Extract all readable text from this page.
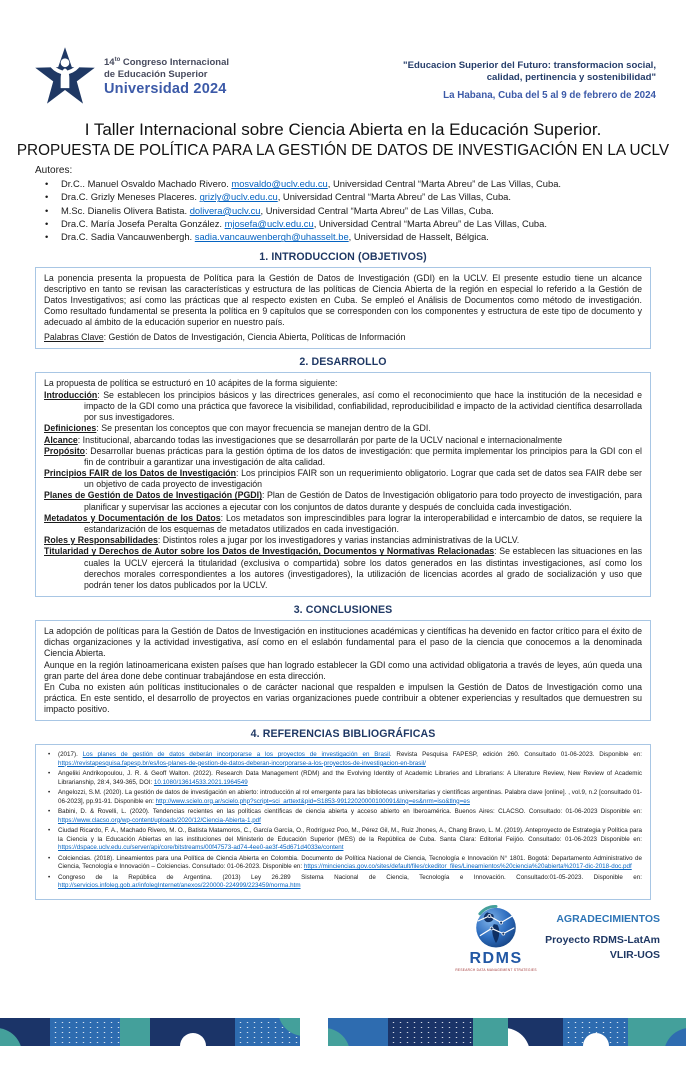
$14^{to}$ Congreso Internacional
de Educación Superior
Universidad 2024
"Educacion Superior del Futuro: transformacion social,
calidad, pertinencia y sostenibilidad"
La Habana, Cuba del 5 al 9 de febrero de 2024
I Taller Internacional sobre Ciencia Abierta en la Educación Superior.
PROPUESTA DE POLÍTICA PARA LA GESTIÓN DE DATOS DE INVESTIGACIÓN EN LA UCLV
Autores:
• Dr.C.. Manuel Osvaldo Machado Rivero. mosvaldo@uclv.edu.cu, Universidad Central “Marta Abreu” de Las Villas, Cuba.
• Dra.C. Grizly Meneses Placeres. grizly@uclv.edu.cu, Universidad Central “Marta Abreu” de Las Villas, Cuba.
• M.Sc. Dianelis Olivera Batista. dolivera@uclv.cu, Universidad Central “Marta Abreu” de Las Villas, Cuba.
• Dra.C. María Josefa Peralta González. mjosefa@uclv.edu.cu, Universidad Central “Marta Abreu” de Las Villas, Cuba.
• Dra.C. Sadia Vancauwenbergh. sadia.vancauwenbergh@uhasselt.be, Universidad de Hasselt, Bélgica.
1. INTRODUCCION (OBJETIVOS)
La ponencia presenta la propuesta de Política para la Gestión de Datos de Investigación (GDI) en la UCLV. El presente estudio tiene un alcance descriptivo en tanto se revisan las características y estructura de las políticas de Ciencia Abierta de la región en especial lo referido a la Gestión de Datos Investigativos; así como las prácticas que al respecto existen en Cuba. Se empleó el Análisis de Documentos como método de investigación. Como resultado fundamental se presenta la política en 9 capítulos que se corresponden con los componentes y estructura de este tipo de documento y adecuado al ámbito de la educación superior en nuestro país.
Palabras Clave: Gestión de Datos de Investigación, Ciencia Abierta, Políticas de Información
2. DESARROLLO
La propuesta de política se estructuró en 10 acápites de la forma siguiente:
Introducción: Se establecen los principios básicos y las directrices generales, así como el reconocimiento que hace la institución de la necesidad e impacto de la GDI como una práctica que favorece la visibilidad, confiabilidad, reproducibilidad e impacto de la actividad científica desarrollada por sus investigadores.
Definiciones: Se presentan los conceptos que con mayor frecuencia se manejan dentro de la GDI.
Alcance: Institucional, abarcando todas las investigaciones que se desarrollarán por parte de la UCLV nacional e internacionalmente
Propósito: Desarrollar buenas prácticas para la gestión óptima de los datos de investigación: que permita implementar los principios para la GDI con el fin de contribuir a garantizar una investigación de alta calidad.
Principios FAIR de los Datos de Investigación: Los principios FAIR son un requerimiento obligatorio. Lograr que cada set de datos sea FAIR debe ser un objetivo de cada proyecto de investigación
Planes de Gestión de Datos de Investigación (PGDI): Plan de Gestión de Datos de Investigación obligatorio para todo proyecto de investigación, para planificar y supervisar las acciones a ejecutar con los conjuntos de datos durante y después de concluida cada investigación.
Metadatos y Documentación de los Datos: Los metadatos son imprescindibles para lograr la interoperabilidad e intercambio de datos, se requiere la estandarización de los esquemas de metadatos utilizados en cada investigación.
Roles y Responsabilidades: Distintos roles a jugar por los investigadores y varias instancias administrativas de la UCLV.
Titularidad y Derechos de Autor sobre los Datos de Investigación, Documentos y Normativas Relacionadas: Se establecen las situaciones en las cuales la UCLV ejercerá la titularidad (exclusiva o compartida) sobre los datos generados en las distintas investigaciones, así como los derechos morales correspondientes a los autores (investigadores), la utilización de licencias acordes al grado de socialización y uso que podrán tener los datos publicados por la UCLV.
3. CONCLUSIONES

La adopción de políticas para la Gestión de Datos de Investigación en instituciones académicas y científicas ha devenido en factor crítico para el éxito de dichas organizaciones y la actividad investigativa, así como en el eslabón fundamental para el paso de la ciencia que conocemos a la denominada Ciencia Abierta.

Aunque en la región latinoamericana existen países que han logrado establecer la GDI como una actividad obligatoria a través de leyes, aún queda una gran parte del área done debe continuar trabajándose en esta dirección.

En Cuba no existen aún políticas institucionales o de carácter nacional que respalden e impulsen la Gestión de Datos de Investigación como una práctica. En este sentido, el desarrollo de proyectos en varias organizaciones puede contribuir a obtener experiencias y resultados que demuestren su impacto positivo.

4. REFERENCIAS BIBLIOGRÁFICAS
• (2017). Los planes de gestión de datos deberán incorporarse a los proyectos de investigación en Brasil. Revista Pesquisa FAPESP, edición 260. Consultado 01-06-2023. Disponible en: https://revistapesquisa.fapesp.br/es/los-planes-de-gestion-de-datos-deberan-incorporarse-a-los-proyectos-de-investigacion-en-brasil/
• Angeliki Andrikopoulou, J. R. & Geoff Walton. (2022). Research Data Management (RDM) and the Evolving Identity of Academic Libraries and Librarians: A Literature Review, New Review of Academic Librarianship, 28:4, 349-365, DOI: 10.1080/13614533.2021.1964549
• Angelozzi, S.M. (2020). La gestión de datos de investigación en abierto: introducción al rol emergente para las bibliotecas universitarias y científicas argentinas. Palabra clave [online]. , vol.9, n.2 [consultado 01-06-2023], pp.91-91. Disponible en: http://www.scielo.org.ar/scielo.php?script=sci_arttext&pid=S1853-99122020000100091&lng=es&nrm=iso&tlng=es
• Babini, D. & Rovelli, L. (2020). Tendencias recientes en las políticas científicas de ciencia abierta y acceso abierto en Iberoamérica. Buenos Aires: CLACSO. Consultado: 01-06-2023 Disponible en: https://www.clacso.org/wp-content/uploads/2020/12/Ciencia-Abierta-1.pdf
• Ciudad Ricardo, F. A., Machado Rivero, M. O., Batista Matamoros, C., García García, O., Rodríguez Poo, M., Pérez Gil, M., Ruiz Jhones, A., Chang Bravo, L. M. (2019). Anteproyecto de Estrategia y Política para la Ciencia y la Educación Abiertas en las instituciones del Ministerio de Educación Superior (MES) de la República de Cuba. Santa Clara: Editorial Feijóo. Consultado: 01-06-2023 Disponible en: https://dspace.uclv.edu.cu/server/api/core/bitstreams/00f47573-ad74-4ee0-ae3f-45d671d4033e/content
• Colciencias. (2018). Lineamientos para una Política de Ciencia Abierta en Colombia. Documento de Política Nacional de Ciencia, Tecnología e Innovación N° 1801. Bogotá: Departamento Administrativo de Ciencia, Tecnología e Innovación – Colciencias. Consultado: 01-06-2023. Disponible en: https://minciencias.gov.co/sites/default/files/ckeditor_files/Lineamientos%20ciencia%20abierta%2017-dic-2018-doc.pdf
• Congreso de la República de Argentina. (2013) Ley 26.289 Sistema Nacional de Ciencia, Tecnología e Innovación. Consultado:01-05-2023. Disponible en: http://servicios.infoleg.gob.ar/infolegInternet/anexos/220000-224999/223459/norma.htm
RDMS
RESEARCH DATA MANAGEMENT STRATEGIES
AGRADECIMIENTOS
Proyecto RDMS-LatAm
VLIR-UOS
